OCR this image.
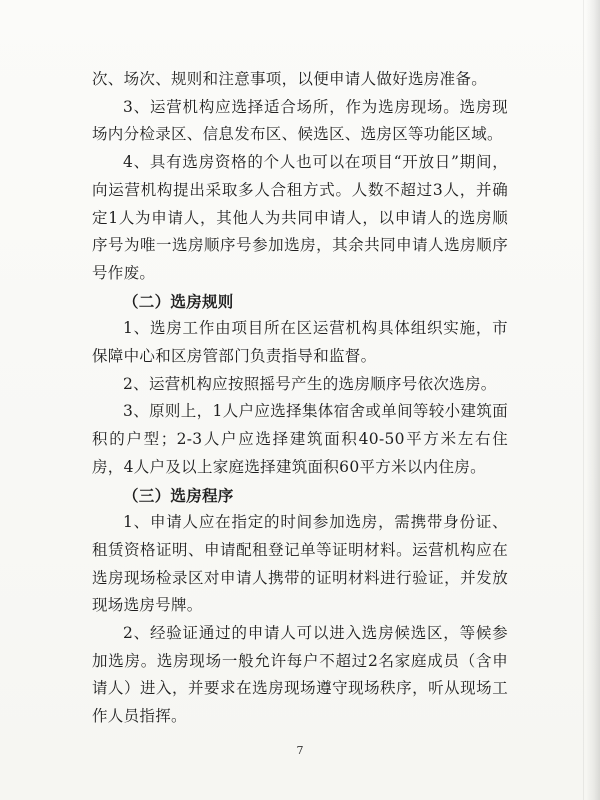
次、场次、规则和注意事项，以便申请人做好选房准备。

3、运营机构应选择适合场所，作为选房现场。选房现场内分检录区、信息发布区、候选区、选房区等功能区域。

4、具有选房资格的个人也可以在项目“开放日”期间，向运营机构提出采取多人合租方式。人数不超过3人，并确定1人为申请人，其他人为共同申请人，以申请人的选房顺序号为唯一选房顺序号参加选房，其余共同申请人选房顺序号作废。

（二）选房规则

1、选房工作由项目所在区运营机构具体组织实施，市保障中心和区房管部门负责指导和监督。

2、运营机构应按照摇号产生的选房顺序号依次选房。

3、原则上，1人户应选择集体宿舍或单间等较小建筑面积的户型；2-3人户应选择建筑面积40-50平方米左右住房，4人户及以上家庭选择建筑面积60平方米以内住房。

（三）选房程序

1、申请人应在指定的时间参加选房，需携带身份证、租赁资格证明、申请配租登记单等证明材料。运营机构应在选房现场检录区对申请人携带的证明材料进行验证，并发放现场选房号牌。

2、经验证通过的申请人可以进入选房候选区，等候参加选房。选房现场一般允许每户不超过2名家庭成员（含申请人）进入，并要求在选房现场遵守现场秩序，听从现场工作人员指挥。

7
